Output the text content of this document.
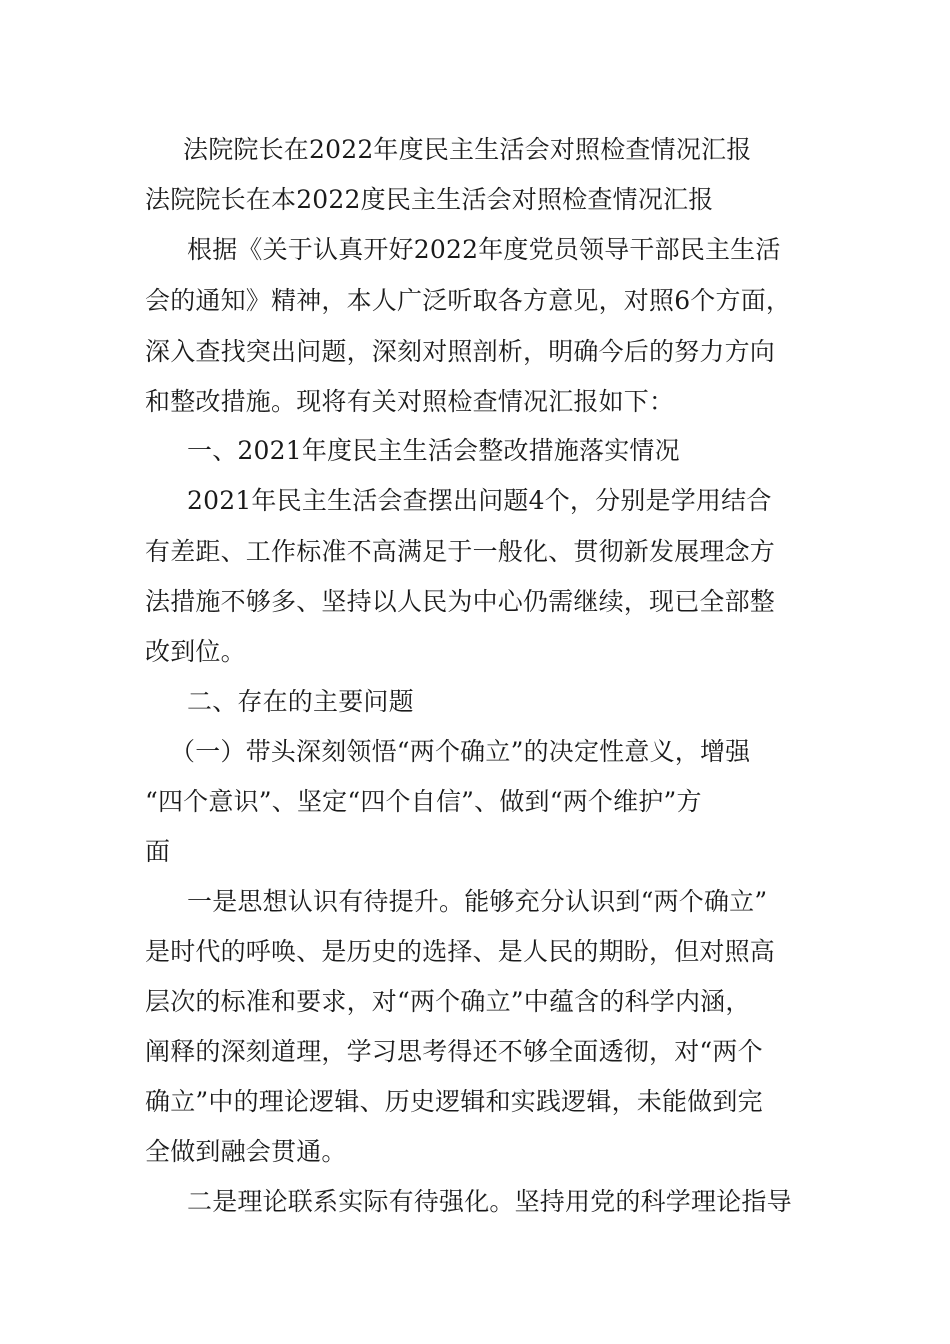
法院院长在2022年度民主生活会对照检查情况汇报
法院院长在本2022度民主生活会对照检查情况汇报
根据《关于认真开好2022年度党员领导干部民主生活
会的通知》精神，本人广泛听取各方意见，对照6个方面，
深入查找突出问题，深刻对照剖析，明确今后的努力方向
和整改措施。现将有关对照检查情况汇报如下：
一、2021年度民主生活会整改措施落实情况
2021年民主生活会查摆出问题4个，分别是学用结合
有差距、工作标准不高满足于一般化、贯彻新发展理念方
法措施不够多、坚持以人民为中心仍需继续，现已全部整
改到位。
二、存在的主要问题
（一）带头深刻领悟“两个确立”的决定性意义，增强
“四个意识”、坚定“四个自信”、做到“两个维护”方
面
一是思想认识有待提升。能够充分认识到“两个确立”
是时代的呼唤、是历史的选择、是人民的期盼，但对照高
层次的标准和要求，对“两个确立”中蕴含的科学内涵，
阐释的深刻道理，学习思考得还不够全面透彻，对“两个
确立”中的理论逻辑、历史逻辑和实践逻辑，未能做到完
全做到融会贯通。
二是理论联系实际有待强化。坚持用党的科学理论指导
